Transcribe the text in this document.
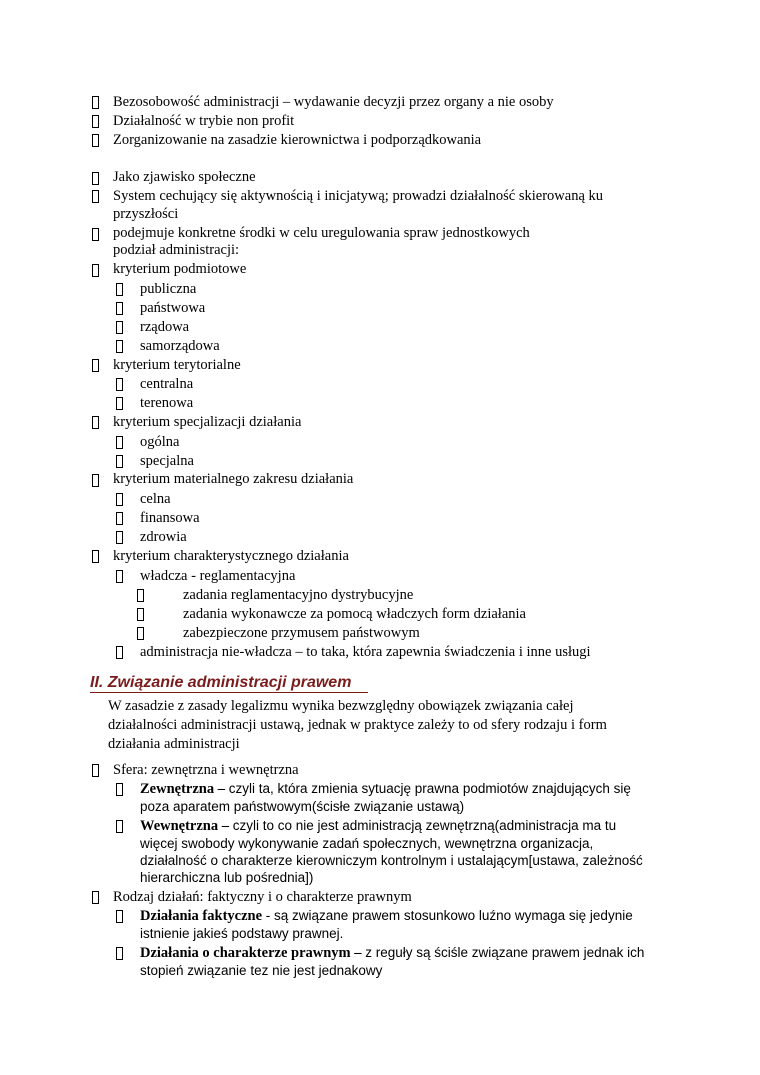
Bezosobowość administracji – wydawanie decyzji przez organy a nie osoby
Działalność w trybie non profit
Zorganizowanie na zasadzie kierownictwa i podporządkowania
Jako zjawisko społeczne
System cechujący się aktywnością i inicjatywą; prowadzi działalność skierowaną ku
przyszłości
podejmuje konkretne środki w celu uregulowania spraw jednostkowych
podział administracji:
kryterium podmiotowe
publiczna
państwowa
rządowa
samorządowa
kryterium terytorialne
centralna
terenowa
kryterium specjalizacji działania
ogólna
specjalna
kryterium materialnego zakresu działania
celna
finansowa
zdrowia
kryterium charakterystycznego działania
władcza - reglamentacyjna
zadania reglamentacyjno dystrybucyjne
zadania wykonawcze za pomocą władczych form działania
zabezpieczone przymusem państwowym
administracja nie-władcza – to taka, która zapewnia świadczenia i inne usługi
II. Związanie administracji prawem
W zasadzie z zasady legalizmu wynika bezwzględny obowiązek związania całej
działalności administracji ustawą, jednak w praktyce zależy to od sfery rodzaju i form
działania administracji
Sfera: zewnętrzna i wewnętrzna
Zewnętrzna – czyli ta, która zmienia sytuację prawna podmiotów znajdujących się
poza aparatem państwowym(ścisłe związanie ustawą)
Wewnętrzna – czyli to co nie jest administracją zewnętrzną(administracja ma tu
więcej swobody wykonywanie zadań społecznych, wewnętrzna organizacja,
działalność o charakterze kierowniczym kontrolnym i ustalającym[ustawa, zależność
hierarchiczna lub pośrednia])
Rodzaj działań: faktyczny i o charakterze prawnym
Działania faktyczne - są związane prawem stosunkowo luźno wymaga się jedynie
istnienie jakieś podstawy prawnej.
Działania o charakterze prawnym – z reguły są ściśle związane prawem jednak ich
stopień związanie tez nie jest jednakowy
